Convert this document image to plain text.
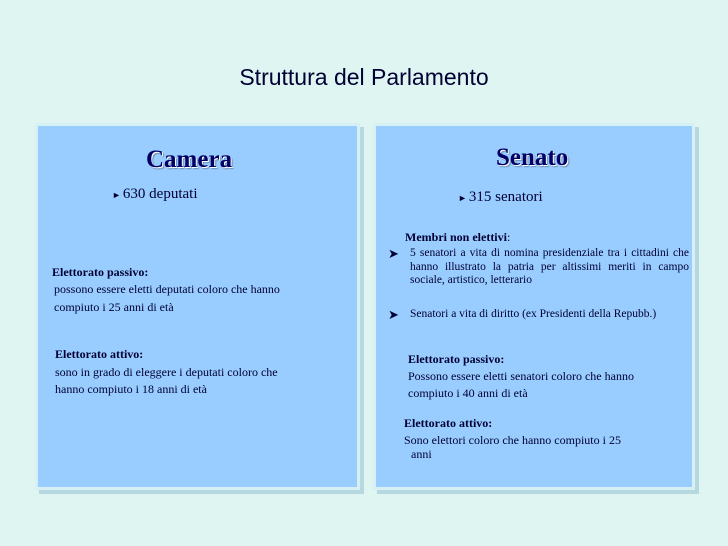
Struttura del Parlamento
Camera
► 630 deputati
Elettorato passivo:
possono essere eletti deputati coloro che hanno
compiuto i 25 anni di età
Elettorato attivo:
sono in grado di eleggere i deputati coloro che
hanno compiuto i 18 anni di età
Senato
► 315 senatori
Membri non elettivi:
➤ 5 senatori a vita di nomina presidenziale tra i cittadini che hanno illustrato la patria per altissimi meriti in campo sociale, artistico, letterario
➤ Senatori a vita di diritto (ex Presidenti della Repubb.)
Elettorato passivo:
Possono essere eletti senatori coloro che hanno
compiuto i 40 anni di età
Elettorato attivo:
Sono elettori coloro che hanno compiuto i 25
anni
